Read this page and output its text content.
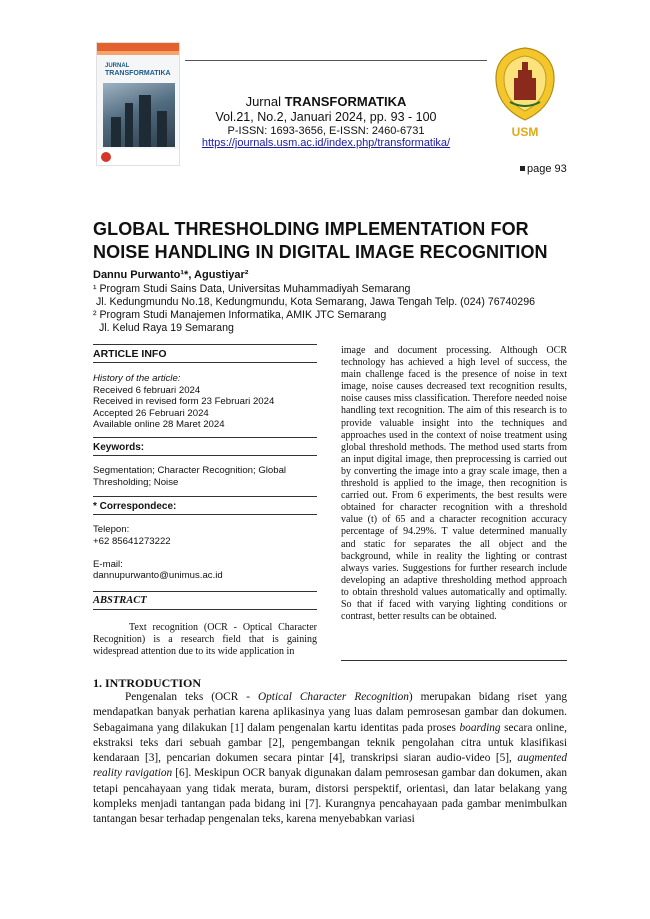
JURNAL
TRANSFORMATIKA
Jurnal TRANSFORMATIKA
Vol.21, No.2, Januari 2024, pp. 93 - 100
P-ISSN: 1693-3656, E-ISSN: 2460-6731
https://journals.usm.ac.id/index.php/transformatika/
USM
page 93
GLOBAL THRESHOLDING IMPLEMENTATION FOR
NOISE HANDLING IN DIGITAL IMAGE RECOGNITION
Dannu Purwanto¹*, Agustiyar²
¹ Program Studi Sains Data, Universitas Muhammadiyah Semarang
Jl. Kedungmundu No.18, Kedungmundu, Kota Semarang, Jawa Tengah Telp. (024) 76740296
² Program Studi Manajemen Informatika, AMIK JTC Semarang
Jl. Kelud Raya 19 Semarang
ARTICLE INFO
History of the article:
Received 6 februari 2024
Received in revised form 23 Februari 2024
Accepted 26 Februari 2024
Available online 28 Maret 2024
Keywords:
Segmentation; Character Recognition; Global Thresholding; Noise
* Correspondece:
Telepon:
+62 85641273222
E-mail:
dannupurwanto@unimus.ac.id
ABSTRACT
Text recognition (OCR - Optical Character Recognition) is a research field that is gaining widespread attention due to its wide application in
image and document processing. Although OCR technology has achieved a high level of success, the main challenge faced is the presence of noise in text image, noise causes decreased text recognition results, noise causes miss classification. Therefore needed noise handling text recognition. The aim of this research is to provide valuable insight into the techniques and approaches used in the context of noise treatment using global threshold methods. The method used starts from an input digital image, then preprocessing is carried out by converting the image into a gray scale image, then a threshold is applied to the image, then recognition is carried out. From 6 experiments, the best results were obtained for character recognition with a threshold value (t) of 65 and a character recognition accuracy percentage of 94.29%. T value determined manually and static for separates the all object and the background, while in reality the lighting or contrast always varies. Suggestions for further research include developing an adaptive thresholding method approach to obtain threshold values automatically and optimally. So that if faced with varying lighting conditions or contrast, better results can be obtained.
1. INTRODUCTION
Pengenalan teks (OCR - Optical Character Recognition) merupakan bidang riset yang mendapatkan banyak perhatian karena aplikasinya yang luas dalam pemrosesan gambar dan dokumen. Sebagaimana yang dilakukan [1] dalam pengenalan kartu identitas pada proses boarding secara online, ekstraksi teks dari sebuah gambar [2], pengembangan teknik pengolahan citra untuk klasifikasi kendaraan [3], pencarian dokumen secara pintar [4], transkripsi siaran audio-video [5], augmented reality ravigation [6]. Meskipun OCR banyak digunakan dalam pemrosesan gambar dan dokumen, akan tetapi pencahayaan yang tidak merata, buram, distorsi perspektif, orientasi, dan latar belakang yang kompleks menjadi tantangan pada bidang ini [7]. Kurangnya pencahayaan pada gambar menimbulkan tantangan besar terhadap pengenalan teks, karena menyebabkan variasi
